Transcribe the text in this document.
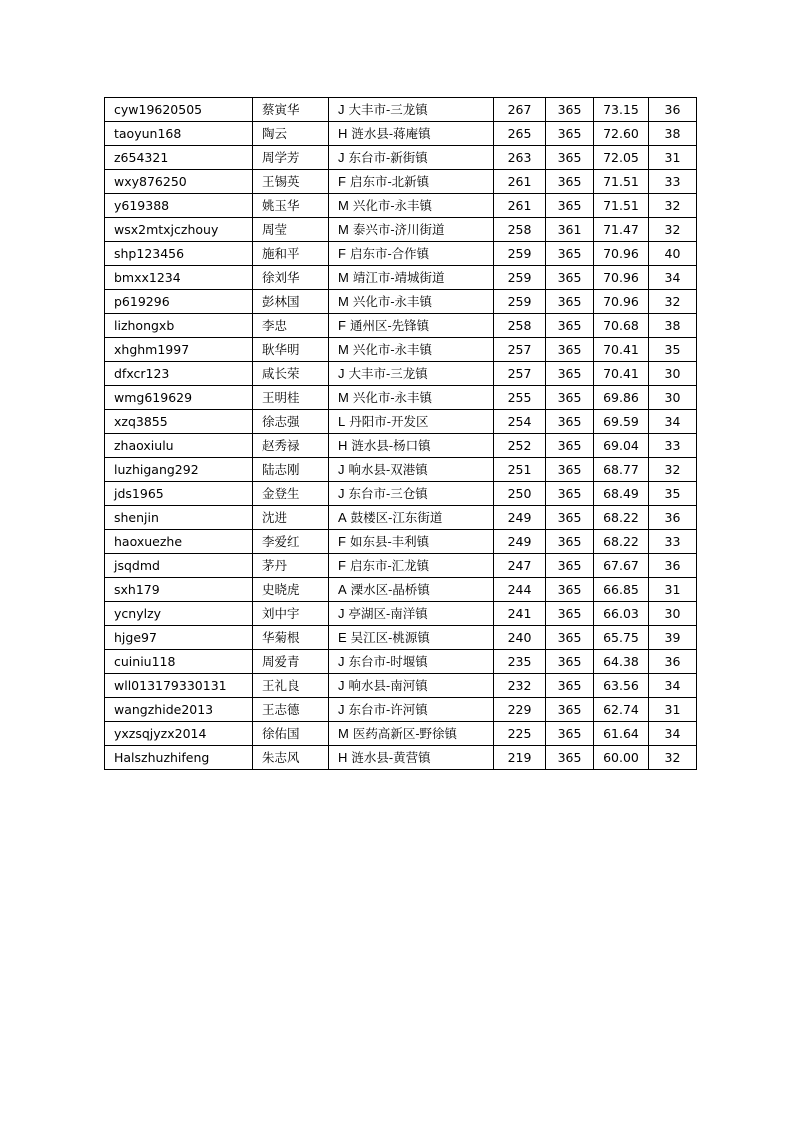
cyw19620505	蔡寅华	J 大丰市-三龙镇	267	365	73.15	36
taoyun168	陶云	H 涟水县-蒋庵镇	265	365	72.60	38
z654321	周学芳	J 东台市-新街镇	263	365	72.05	31
wxy876250	王锡英	F 启东市-北新镇	261	365	71.51	33
y619388	姚玉华	M 兴化市-永丰镇	261	365	71.51	32
wsx2mtxjczhouy	周莹	M 泰兴市-济川街道	258	361	71.47	32
shp123456	施和平	F 启东市-合作镇	259	365	70.96	40
bmxx1234	徐刘华	M 靖江市-靖城街道	259	365	70.96	34
p619296	彭林国	M 兴化市-永丰镇	259	365	70.96	32
lizhongxb	李忠	F 通州区-先锋镇	258	365	70.68	38
xhghm1997	耿华明	M 兴化市-永丰镇	257	365	70.41	35
dfxcr123	咸长荣	J 大丰市-三龙镇	257	365	70.41	30
wmg619629	王明桂	M 兴化市-永丰镇	255	365	69.86	30
xzq3855	徐志强	L 丹阳市-开发区	254	365	69.59	34
zhaoxiulu	赵秀禄	H 涟水县-杨口镇	252	365	69.04	33
luzhigang292	陆志刚	J 响水县-双港镇	251	365	68.77	32
jds1965	金登生	J 东台市-三仓镇	250	365	68.49	35
shenjin	沈进	A 鼓楼区-江东街道	249	365	68.22	36
haoxuezhe	李爱红	F 如东县-丰利镇	249	365	68.22	33
jsqdmd	茅丹	F 启东市-汇龙镇	247	365	67.67	36
sxh179	史晓虎	A 溧水区-晶桥镇	244	365	66.85	31
ycnylzy	刘中宇	J 亭湖区-南洋镇	241	365	66.03	30
hjge97	华菊根	E 吴江区-桃源镇	240	365	65.75	39
cuiniu118	周爱青	J 东台市-时堰镇	235	365	64.38	36
wll013179330131	王礼良	J 响水县-南河镇	232	365	63.56	34
wangzhide2013	王志德	J 东台市-许河镇	229	365	62.74	31
yxzsqjyzx2014	徐佑国	M 医药高新区-野徐镇	225	365	61.64	34
Halszhuzhifeng	朱志风	H 涟水县-黄营镇	219	365	60.00	32
